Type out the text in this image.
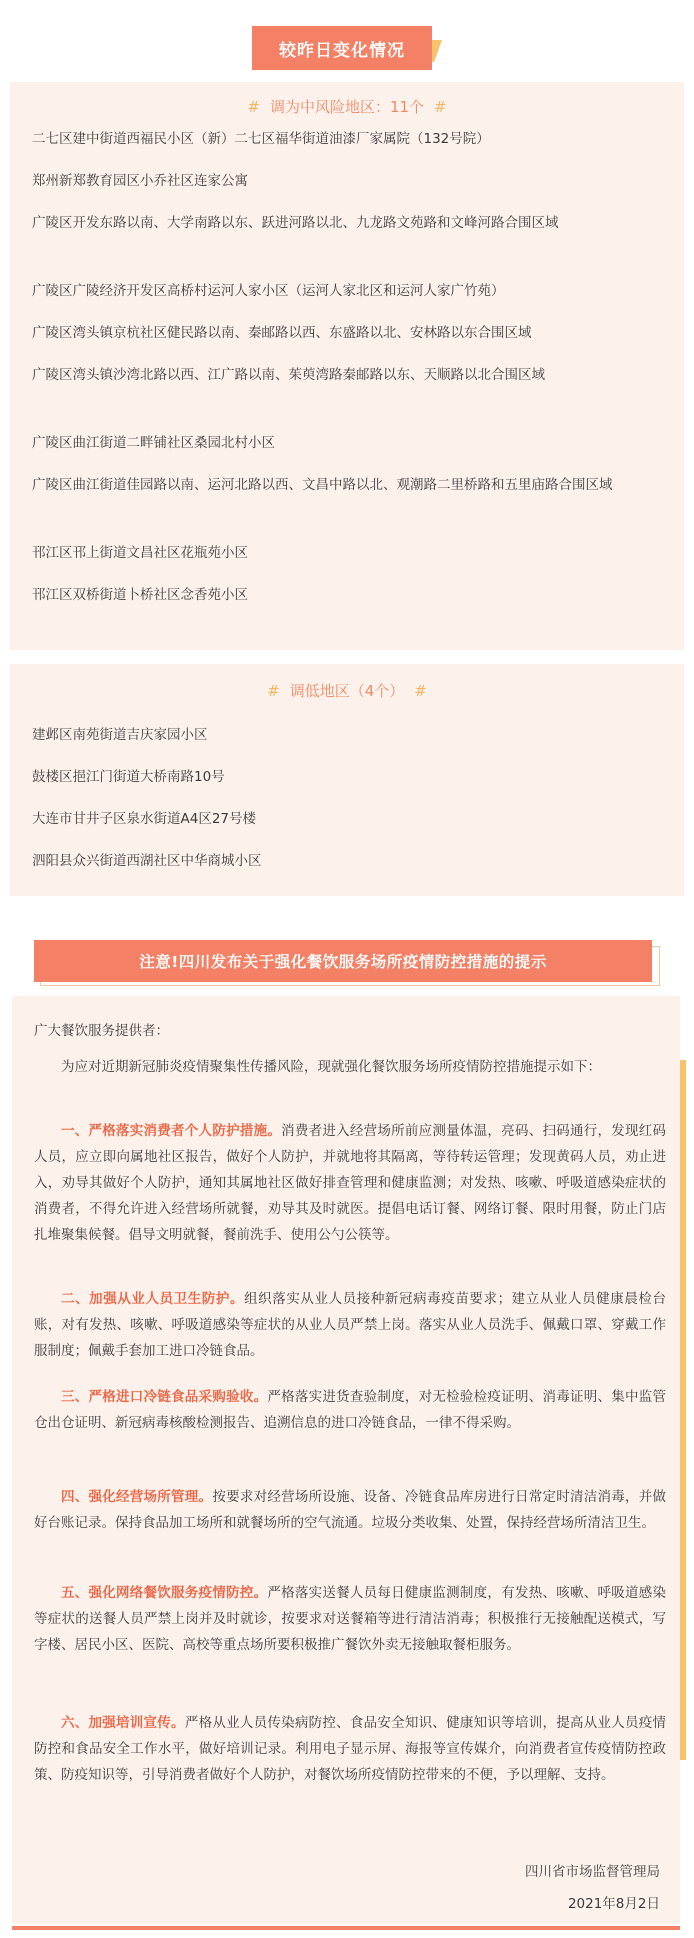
较昨日变化情况
# 调为中风险地区：11个 #
二七区建中街道西福民小区（新）二七区福华街道油漆厂家属院（132号院）
郑州新郑教育园区小乔社区连家公寓
广陵区开发东路以南、大学南路以东、跃进河路以北、九龙路文苑路和文峰河路合围区域
广陵区广陵经济开发区高桥村运河人家小区（运河人家北区和运河人家广竹苑）
广陵区湾头镇京杭社区健民路以南、秦邮路以西、东盛路以北、安林路以东合围区域
广陵区湾头镇沙湾北路以西、江广路以南、茱萸湾路秦邮路以东、天顺路以北合围区域
广陵区曲江街道二畔铺社区桑园北村小区
广陵区曲江街道佳园路以南、运河北路以西、文昌中路以北、观潮路二里桥路和五里庙路合围区域
邗江区邗上街道文昌社区花瓶苑小区
邗江区双桥街道卜桥社区念香苑小区
# 调低地区（4个） #
建邺区南苑街道吉庆家园小区
鼓楼区挹江门街道大桥南路10号
大连市甘井子区泉水街道A4区27号楼
泗阳县众兴街道西湖社区中华商城小区
注意!四川发布关于强化餐饮服务场所疫情防控措施的提示
广大餐饮服务提供者：
为应对近期新冠肺炎疫情聚集性传播风险，现就强化餐饮服务场所疫情防控措施提示如下：
一、严格落实消费者个人防护措施。消费者进入经营场所前应测量体温，亮码、扫码通行，发现红码人员，应立即向属地社区报告，做好个人防护，并就地将其隔离，等待转运管理；发现黄码人员，劝止进入，劝导其做好个人防护，通知其属地社区做好排查管理和健康监测；对发热、咳嗽、呼吸道感染症状的消费者，不得允许进入经营场所就餐，劝导其及时就医。提倡电话订餐、网络订餐、限时用餐，防止门店扎堆聚集候餐。倡导文明就餐，餐前洗手、使用公勺公筷等。
二、加强从业人员卫生防护。组织落实从业人员接种新冠病毒疫苗要求；建立从业人员健康晨检台账，对有发热、咳嗽、呼吸道感染等症状的从业人员严禁上岗。落实从业人员洗手、佩戴口罩、穿戴工作服制度；佩戴手套加工进口冷链食品。
三、严格进口冷链食品采购验收。严格落实进货查验制度，对无检验检疫证明、消毒证明、集中监管仓出仓证明、新冠病毒核酸检测报告、追溯信息的进口冷链食品，一律不得采购。
四、强化经营场所管理。按要求对经营场所设施、设备、冷链食品库房进行日常定时清洁消毒，并做好台账记录。保持食品加工场所和就餐场所的空气流通。垃圾分类收集、处置，保持经营场所清洁卫生。
五、强化网络餐饮服务疫情防控。严格落实送餐人员每日健康监测制度，有发热、咳嗽、呼吸道感染等症状的送餐人员严禁上岗并及时就诊，按要求对送餐箱等进行清洁消毒；积极推行无接触配送模式，写字楼、居民小区、医院、高校等重点场所要积极推广餐饮外卖无接触取餐柜服务。
六、加强培训宣传。严格从业人员传染病防控、食品安全知识、健康知识等培训，提高从业人员疫情防控和食品安全工作水平，做好培训记录。利用电子显示屏、海报等宣传媒介，向消费者宣传疫情防控政策、防疫知识等，引导消费者做好个人防护，对餐饮场所疫情防控带来的不便，予以理解、支持。
四川省市场监督管理局
2021年8月2日
